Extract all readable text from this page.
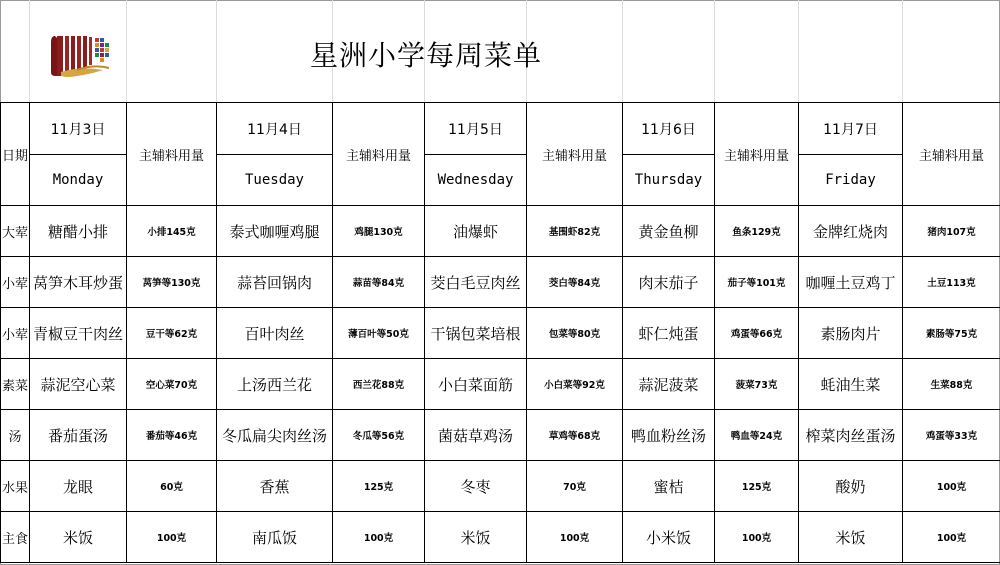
星洲小学每周菜单
日期	11月3日	主辅料用量	11月4日	主辅料用量	11月5日	主辅料用量	11月6日	主辅料用量	11月7日	主辅料用量
	Monday		Tuesday		Wednesday		Thursday		Friday	
大荤	糖醋小排	小排145克	泰式咖喱鸡腿	鸡腿130克	油爆虾	基围虾82克	黄金鱼柳	鱼条129克	金牌红烧肉	猪肉107克
小荤	莴笋木耳炒蛋	莴笋等130克	蒜苔回锅肉	蒜苗等84克	茭白毛豆肉丝	茭白等84克	肉末茄子	茄子等101克	咖喱土豆鸡丁	土豆113克
小荤	青椒豆干肉丝	豆干等62克	百叶肉丝	薄百叶等50克	干锅包菜培根	包菜等80克	虾仁炖蛋	鸡蛋等66克	素肠肉片	素肠等75克
素菜	蒜泥空心菜	空心菜70克	上汤西兰花	西兰花88克	小白菜面筋	小白菜等92克	蒜泥菠菜	菠菜73克	蚝油生菜	生菜88克
汤	番茄蛋汤	番茄等46克	冬瓜扁尖肉丝汤	冬瓜等56克	菌菇草鸡汤	草鸡等68克	鸭血粉丝汤	鸭血等24克	榨菜肉丝蛋汤	鸡蛋等33克
水果	龙眼	60克	香蕉	125克	冬枣	70克	蜜桔	125克	酸奶	100克
主食	米饭	100克	南瓜饭	100克	米饭	100克	小米饭	100克	米饭	100克
